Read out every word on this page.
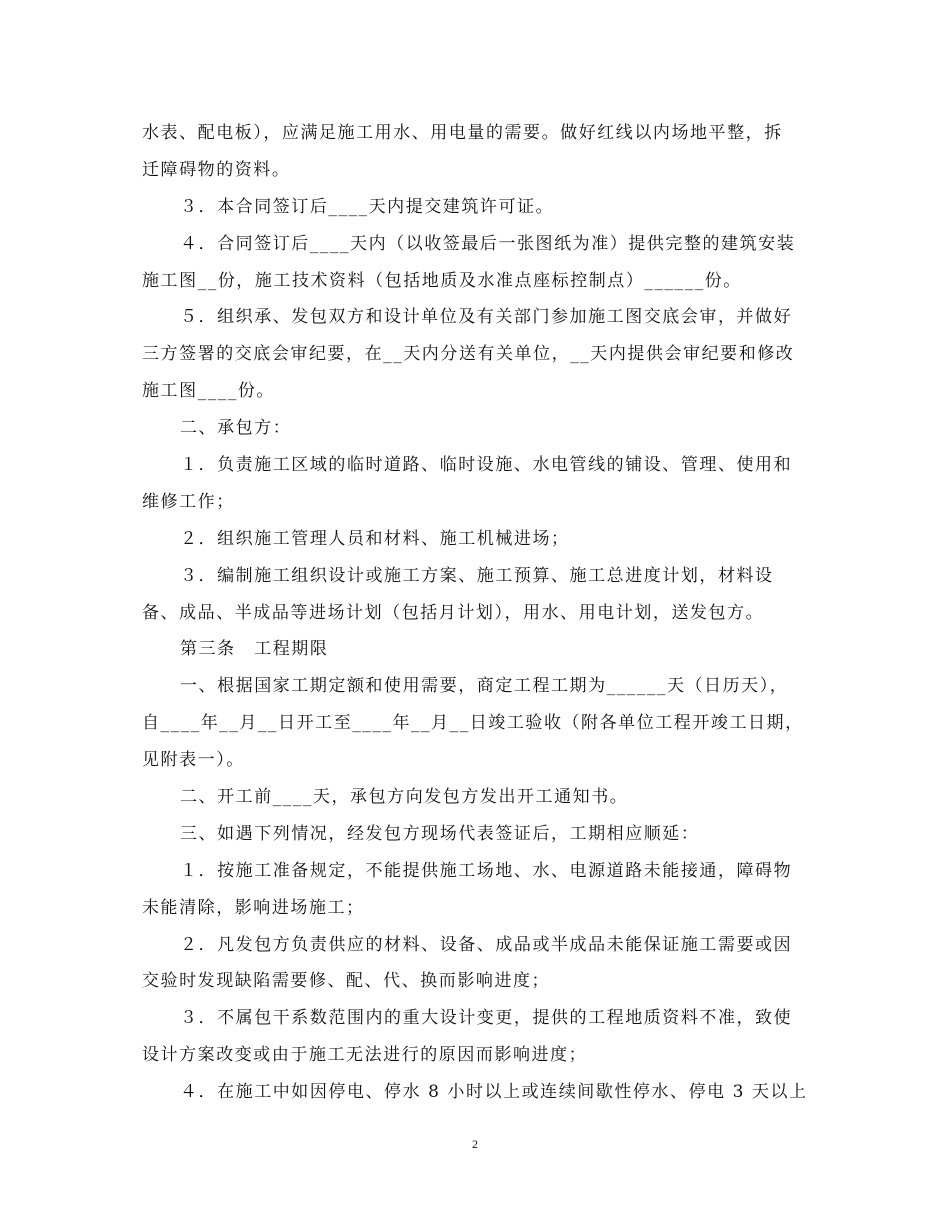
水表、配电板），应满足施工用水、用电量的需要。做好红线以内场地平整，拆
迁障碍物的资料。
３．本合同签订后____天内提交建筑许可证。
４．合同签订后____天内（以收签最后一张图纸为准）提供完整的建筑安装
施工图__份，施工技术资料（包括地质及水准点座标控制点）______份。
５．组织承、发包双方和设计单位及有关部门参加施工图交底会审，并做好
三方签署的交底会审纪要，在__天内分送有关单位，__天内提供会审纪要和修改
施工图____份。
二、承包方：
１．负责施工区域的临时道路、临时设施、水电管线的铺设、管理、使用和
维修工作；
２．组织施工管理人员和材料、施工机械进场；
３．编制施工组织设计或施工方案、施工预算、施工总进度计划，材料设
备、成品、半成品等进场计划（包括月计划），用水、用电计划，送发包方。
第三条　工程期限
一、根据国家工期定额和使用需要，商定工程工期为______天（日历天），
自____年__月__日开工至____年__月__日竣工验收（附各单位工程开竣工日期，
见附表一）。
二、开工前____天，承包方向发包方发出开工通知书。
三、如遇下列情况，经发包方现场代表签证后，工期相应顺延：
１．按施工准备规定，不能提供施工场地、水、电源道路未能接通，障碍物
未能清除，影响进场施工；
２．凡发包方负责供应的材料、设备、成品或半成品未能保证施工需要或因
交验时发现缺陷需要修、配、代、换而影响进度；
３．不属包干系数范围内的重大设计变更，提供的工程地质资料不准，致使
设计方案改变或由于施工无法进行的原因而影响进度；
４．在施工中如因停电、停水 8 小时以上或连续间歇性停水、停电 3 天以上
2
